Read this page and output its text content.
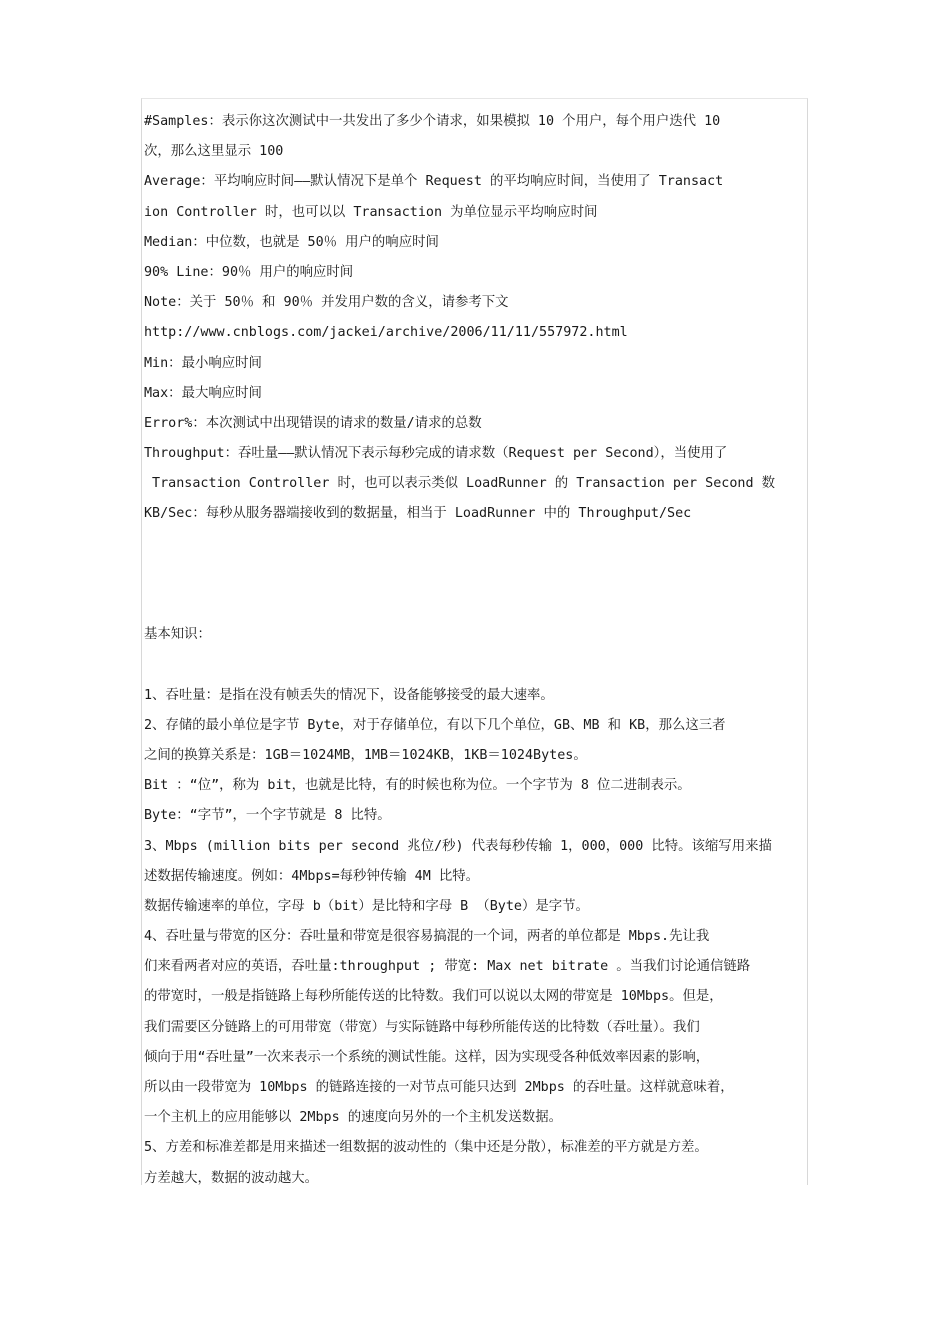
#Samples：表示你这次测试中一共发出了多少个请求，如果模拟 10 个用户，每个用户迭代 10
次，那么这里显示 100
Average：平均响应时间——默认情况下是单个 Request 的平均响应时间，当使用了 Transact
ion Controller 时，也可以以 Transaction 为单位显示平均响应时间
Median：中位数，也就是 50％ 用户的响应时间
90% Line：90％ 用户的响应时间
Note：关于 50％ 和 90％ 并发用户数的含义，请参考下文
http://www.cnblogs.com/jackei/archive/2006/11/11/557972.html
Min：最小响应时间
Max：最大响应时间
Error%：本次测试中出现错误的请求的数量/请求的总数
Throughput：吞吐量——默认情况下表示每秒完成的请求数（Request per Second），当使用了
Transaction Controller 时，也可以表示类似 LoadRunner 的 Transaction per Second 数
KB/Sec：每秒从服务器端接收到的数据量，相当于 LoadRunner 中的 Throughput/Sec
基本知识：
1、吞吐量：是指在没有帧丢失的情况下，设备能够接受的最大速率。
2、存储的最小单位是字节 Byte，对于存储单位，有以下几个单位，GB、MB 和 KB，那么这三者
之间的换算关系是：1GB＝1024MB，1MB＝1024KB，1KB＝1024Bytes。
Bit ：“位”，称为 bit，也就是比特，有的时候也称为位。一个字节为 8 位二进制表示。
Byte：“字节”，一个字节就是 8 比特。
3、Mbps (million bits per second 兆位/秒) 代表每秒传输 1，000，000 比特。该缩写用来描
述数据传输速度。例如：4Mbps=每秒钟传输 4M 比特。
数据传输速率的单位，字母 b（bit）是比特和字母 B （Byte）是字节。
4、吞吐量与带宽的区分：吞吐量和带宽是很容易搞混的一个词，两者的单位都是 Mbps.先让我
们来看两者对应的英语，吞吐量:throughput ; 带宽: Max net bitrate 。当我们讨论通信链路
的带宽时，一般是指链路上每秒所能传送的比特数。我们可以说以太网的带宽是 10Mbps。但是，
我们需要区分链路上的可用带宽（带宽）与实际链路中每秒所能传送的比特数（吞吐量）。我们
倾向于用“吞吐量”一次来表示一个系统的测试性能。这样，因为实现受各种低效率因素的影响，
所以由一段带宽为 10Mbps 的链路连接的一对节点可能只达到 2Mbps 的吞吐量。这样就意味着，
一个主机上的应用能够以 2Mbps 的速度向另外的一个主机发送数据。
5、方差和标准差都是用来描述一组数据的波动性的（集中还是分散），标准差的平方就是方差。
方差越大，数据的波动越大。
